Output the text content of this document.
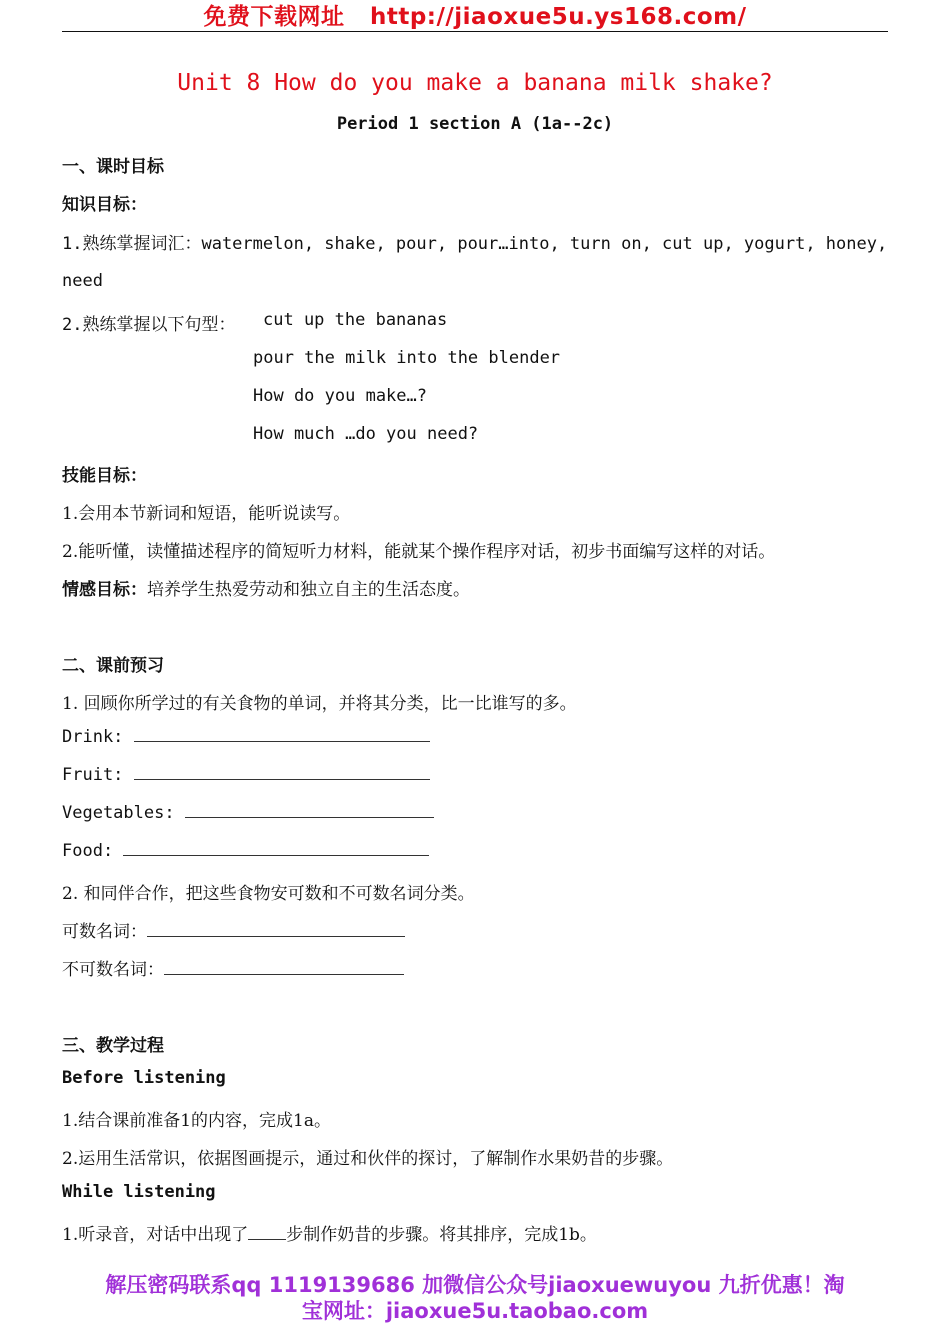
免费下载网址 http://jiaoxue5u.ys168.com/
Unit 8 How do you make a banana milk shake?
Period 1 section A (1a--2c)
一、课时目标
知识目标：
1.熟练掌握词汇：watermelon, shake, pour, pour…into, turn on, cut up, yogurt, honey,
need
2.熟练掌握以下句型： cut up the bananas
pour the milk into the blender
How do you make…?
How much …do you need?
技能目标：
1.会用本节新词和短语，能听说读写。
2.能听懂，读懂描述程序的简短听力材料，能就某个操作程序对话，初步书面编写这样的对话。
情感目标：培养学生热爱劳动和独立自主的生活态度。
二、课前预习
1. 回顾你所学过的有关食物的单词，并将其分类，比一比谁写的多。
Drink:
Fruit:
Vegetables:
Food:
2. 和同伴合作，把这些食物安可数和不可数名词分类。
可数名词：
不可数名词：
三、教学过程
Before listening
1.结合课前准备1的内容，完成1a。
2.运用生活常识，依据图画提示，通过和伙伴的探讨，了解制作水果奶昔的步骤。
While listening
1.听录音，对话中出现了 步制作奶昔的步骤。将其排序，完成1b。
解压密码联系qq 1119139686 加微信公众号jiaoxuewuyou 九折优惠！淘
宝网址：jiaoxue5u.taobao.com
